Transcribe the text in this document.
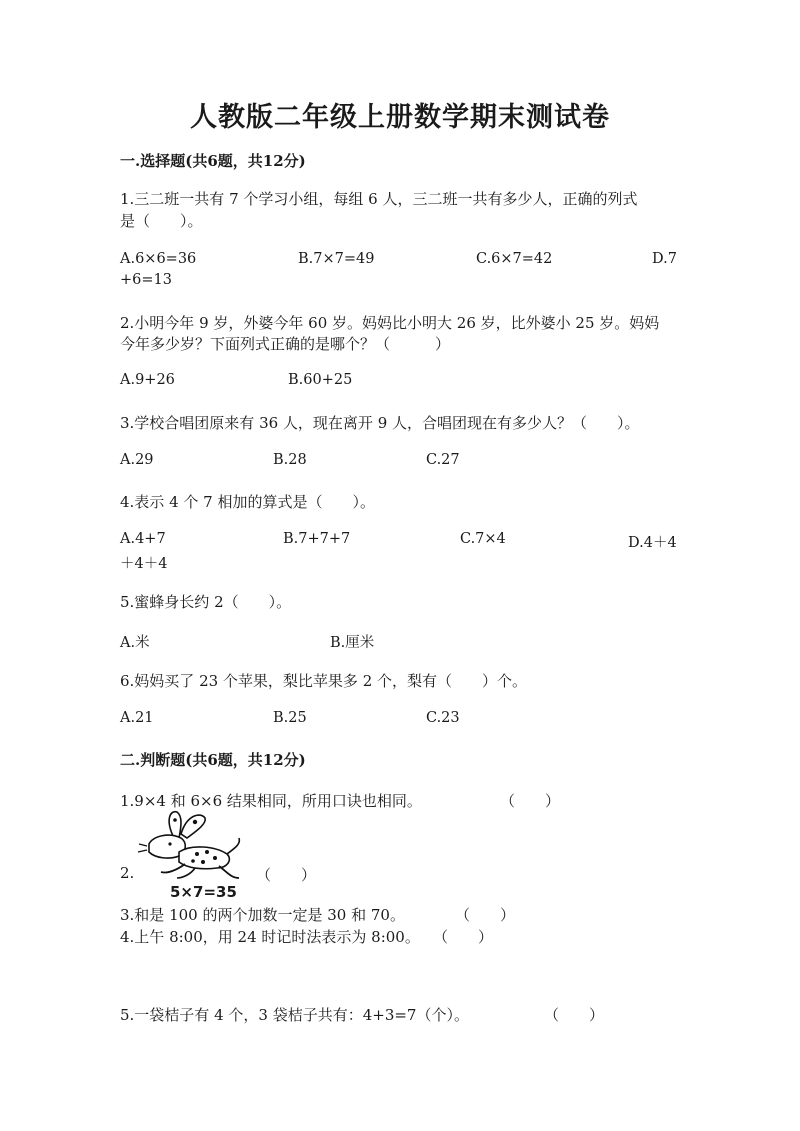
人教版二年级上册数学期末测试卷
一.选择题(共6题，共12分)
1.三二班一共有 7 个学习小组，每组 6 人，三二班一共有多少人，正确的列式
是（　　）。
A.6×6=36	B.7×7=49	C.6×7=42	D.7
+6=13
2.小明今年 9 岁，外婆今年 60 岁。妈妈比小明大 26 岁，比外婆小 25 岁。妈妈
今年多少岁？下面列式正确的是哪个？（　　　）
A.9+26	B.60+25
3.学校合唱团原来有 36 人，现在离开 9 人，合唱团现在有多少人？（　　）。
A.29	B.28	C.27
4.表示 4 个 7 相加的算式是（　　）。
A.4+7	B.7+7+7	C.7×4	D.4＋4
＋4＋4
5.蜜蜂身长约 2（　　）。
A.米	B.厘米
6.妈妈买了 23 个苹果，梨比苹果多 2 个，梨有（　　）个。
A.21	B.25	C.23
二.判断题(共6题，共12分)
1.9×4 和 6×6 结果相同，所用口诀也相同。	（　　）
2.
5×7=35
（　　）
3.和是 100 的两个加数一定是 30 和 70。	（　　）
4.上午 8:00，用 24 时记时法表示为 8:00。 （　　）
5.一袋桔子有 4 个，3 袋桔子共有：4+3=7（个）。	（　　）
